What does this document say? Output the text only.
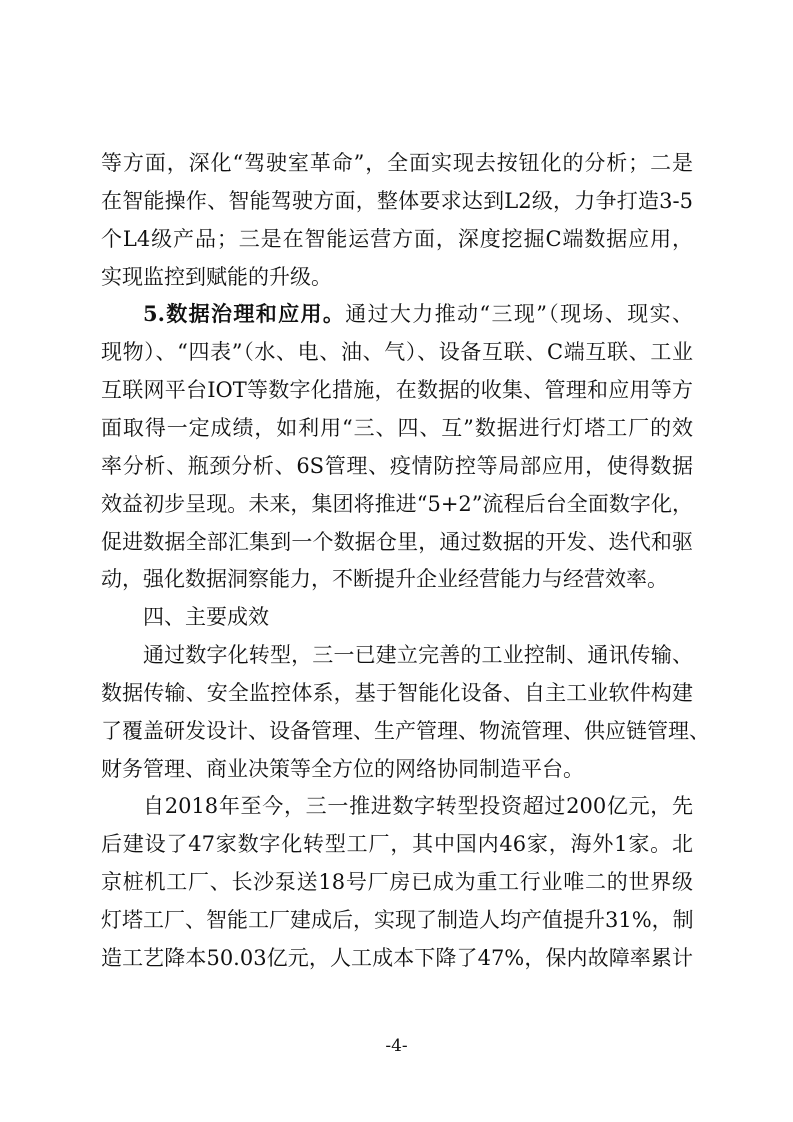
等方面，深化“驾驶室革命”，全面实现去按钮化的分析；二是
在智能操作、智能驾驶方面，整体要求达到L2级，力争打造3-5
个L4级产品；三是在智能运营方面，深度挖掘C端数据应用，
实现监控到赋能的升级。
5.数据治理和应用。通过大力推动“三现”（现场、现实、
现物）、“四表”（水、电、油、气）、设备互联、C端互联、工业
互联网平台IOT等数字化措施，在数据的收集、管理和应用等方
面取得一定成绩，如利用“三、四、互”数据进行灯塔工厂的效
率分析、瓶颈分析、6S管理、疫情防控等局部应用，使得数据
效益初步呈现。未来，集团将推进“5+2”流程后台全面数字化，
促进数据全部汇集到一个数据仓里，通过数据的开发、迭代和驱
动，强化数据洞察能力，不断提升企业经营能力与经营效率。
四、主要成效
通过数字化转型，三一已建立完善的工业控制、通讯传输、
数据传输、安全监控体系，基于智能化设备、自主工业软件构建
了覆盖研发设计、设备管理、生产管理、物流管理、供应链管理、
财务管理、商业决策等全方位的网络协同制造平台。
自2018年至今，三一推进数字转型投资超过200亿元，先
后建设了47家数字化转型工厂，其中国内46家，海外1家。北
京桩机工厂、长沙泵送18号厂房已成为重工行业唯二的世界级
灯塔工厂、智能工厂建成后，实现了制造人均产值提升31%，制
造工艺降本50.03亿元，人工成本下降了47%，保内故障率累计
-4-
